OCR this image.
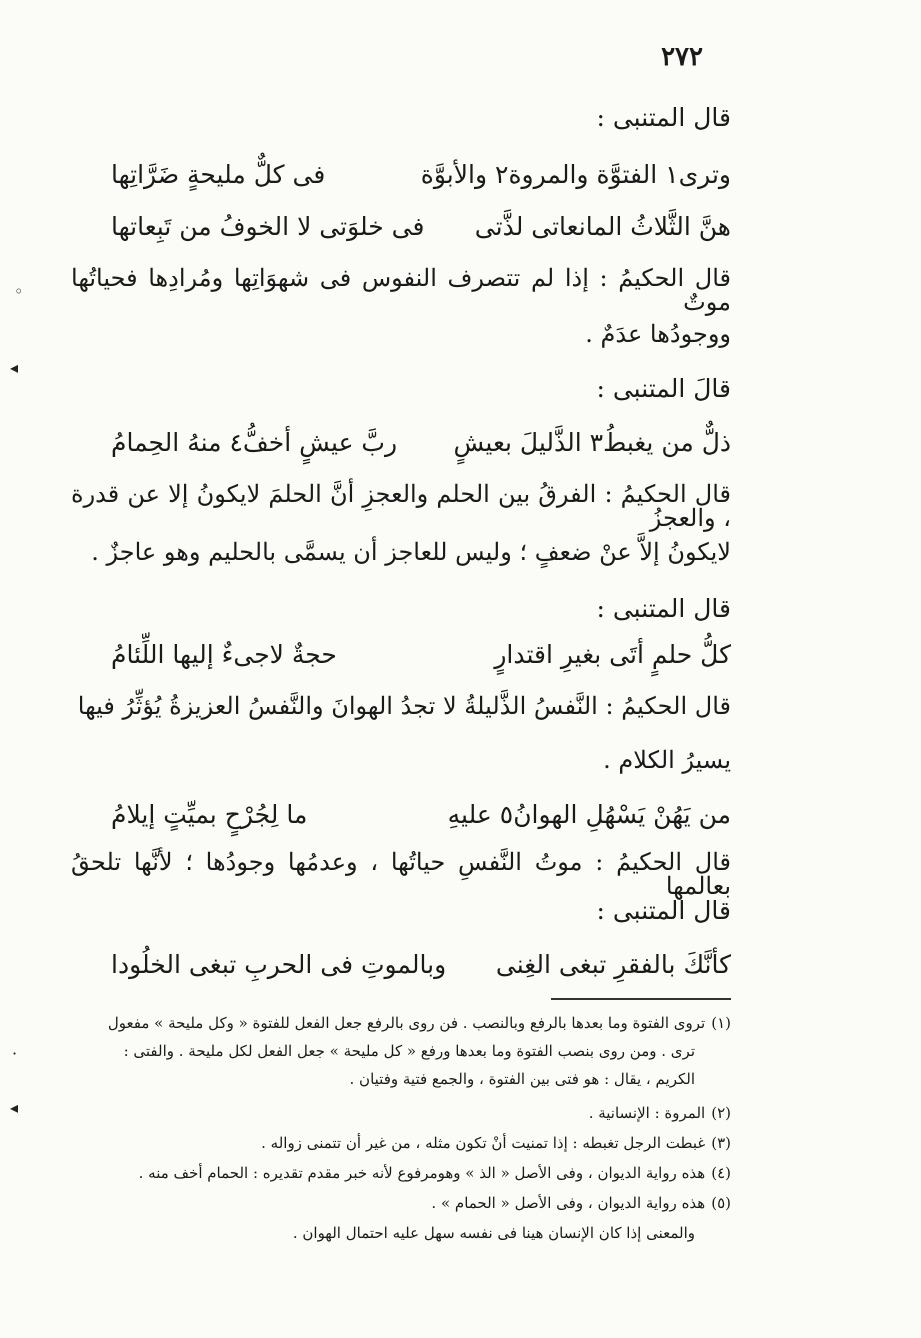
٢٧٢
قال المتنبى :
وترى١ الفتوَّة والمروة٢ والأبوَّة
فى كلٌّ مليحةٍ ضَرَّاتِها
هنَّ الثَّلاثُ المانعاتى لذَّتى
فى خلوَتى لا الخوفُ من تَبِعاتها
قال الحكيمُ : إذا لم تتصرف النفوس فى شهوَاتِها ومُرادِها فحياتُها موتٌ
ووجودُها عدَمٌ .
قالَ المتنبى :
ذلٌّ من يغبطُ٣ الذَّليلَ بعيشٍ
ربَّ عيشٍ أخفُّ٤ منهُ الحِمامُ
قال الحكيمُ : الفرقُ بين الحلم والعجزِ أنَّ الحلمَ لايكونُ إلا عن قدرة ، والعجزُ
لايكونُ إلاَّ عنْ ضعفٍ ؛ وليس للعاجز أن يسمَّى بالحليم وهو عاجزٌ .
قال المتنبى :
كلُّ حلمٍ أتَى بغيرِ اقتدارٍ
حجةٌ لاجىءٌ إليها اللِّئامُ
قال الحكيمُ : النَّفسُ الذَّليلةُ لا تجدُ الهوانَ والنَّفسُ العزيزةُ يُؤثِّرُ فيها
يسيرُ الكلام .
من يَهُنْ يَسْهُلِ الهوانُ٥ عليهِ
ما لِجُرْحٍ بميِّتٍ إيلامُ
قال الحكيمُ : موتُ النَّفسِ حياتُها ، وعدمُها وجودُها ؛ لأنَّها تلحقُ بعالمها
قال المتنبى :
كأنَّكَ بالفقرِ تبغى الغِنى
وبالموتِ فى الحربِ تبغى الخلُودا
(١)تروى الفتوة وما بعدها بالرفع وبالنصب . فن روى بالرفع جعل الفعل للفتوة « وكل مليحة » مفعول
ترى . ومن روى بنصب الفتوة وما بعدها ورفع « كل مليحة » جعل الفعل لكل مليحة . والفتى :
الكريم ، يقال : هو فتى بين الفتوة ، والجمع فتية وفتيان .
(٢)المروة : الإنسانية .
(٣)غبطت الرجل تغبطه : إذا تمنيت أنْ تكون مثله ، من غير أن تتمنى زواله .
(٤)هذه رواية الديوان ، وفى الأصل « الذ » وهومرفوع لأنه خبر مقدم تقديره : الحمام أخف منه .
(٥)هذه رواية الديوان ، وفى الأصل « الحمام » .
والمعنى إذا كان الإنسان هينا فى نفسه سهل عليه احتمال الهوان .
◦
◂
·
◂
